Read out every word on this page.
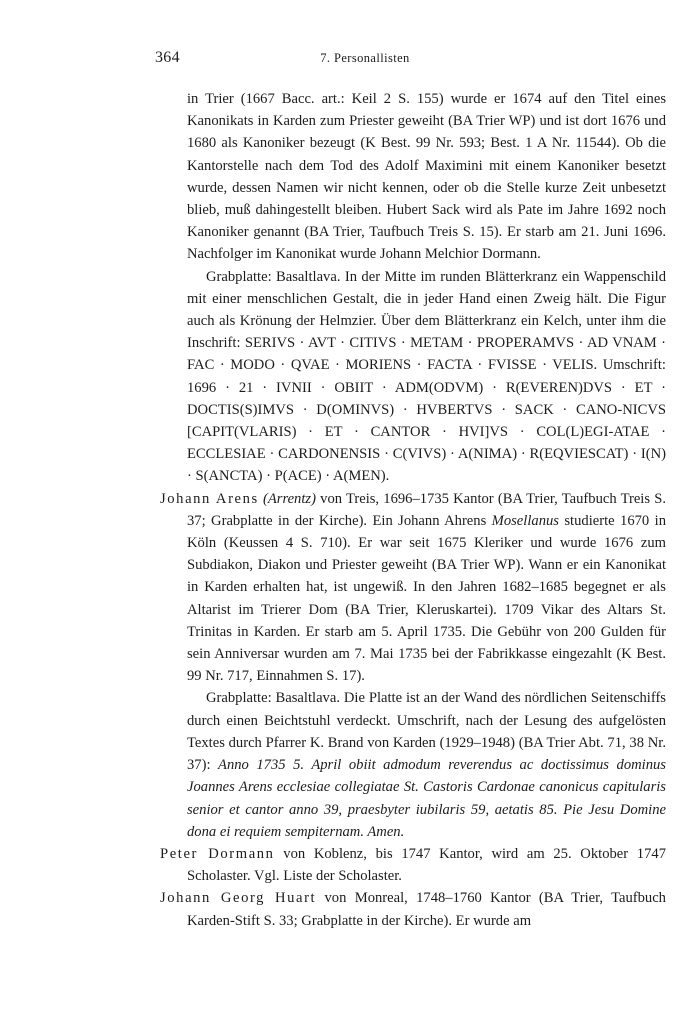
364	7. Personallisten

in Trier (1667 Bacc. art.: Keil 2 S. 155) wurde er 1674 auf den Titel eines Kanonikats in Karden zum Priester geweiht (BA Trier WP) und ist dort 1676 und 1680 als Kanoniker bezeugt (K Best. 99 Nr. 593; Best. 1 A Nr. 11544). Ob die Kantorstelle nach dem Tod des Adolf Maximini mit einem Kanoniker besetzt wurde, dessen Namen wir nicht kennen, oder ob die Stelle kurze Zeit unbesetzt blieb, muß dahingestellt bleiben. Hubert Sack wird als Pate im Jahre 1692 noch Kanoniker genannt (BA Trier, Taufbuch Treis S. 15). Er starb am 21. Juni 1696. Nachfolger im Kanonikat wurde Johann Melchior Dormann.

Grabplatte: Basaltlava. In der Mitte im runden Blätterkranz ein Wappenschild mit einer menschlichen Gestalt, die in jeder Hand einen Zweig hält. Die Figur auch als Krönung der Helmzier. Über dem Blätterkranz ein Kelch, unter ihm die Inschrift: SERIVS · AVT · CITIVS · METAM · PROPERAMVS · AD VNAM · FAC · MODO · QVAE · MORIENS · FACTA · FVISSE · VELIS. Umschrift: 1696 · 21 · IVNII · OBIIT · ADM(ODVM) · R(EVEREN)DVS · ET · DOCTIS(S)IMVS · D(OMINVS) · HVBERTVS · SACK · CANO-NICVS [CAPIT(VLARIS) · ET · CANTOR · HVI]VS · COL(L)EGI-ATAE · ECCLESIAE · CARDONENSIS · C(VIVS) · A(NIMA) · R(EQVIESCAT) · I(N) · S(ANCTA) · P(ACE) · A(MEN).

Johann Arens (Arrentz) von Treis, 1696–1735 Kantor (BA Trier, Taufbuch Treis S. 37; Grabplatte in der Kirche). Ein Johann Ahrens Mosellanus studierte 1670 in Köln (Keussen 4 S. 710). Er war seit 1675 Kleriker und wurde 1676 zum Subdiakon, Diakon und Priester geweiht (BA Trier WP). Wann er ein Kanonikat in Karden erhalten hat, ist ungewiß. In den Jahren 1682–1685 begegnet er als Altarist im Trierer Dom (BA Trier, Kleruskartei). 1709 Vikar des Altars St. Trinitas in Karden. Er starb am 5. April 1735. Die Gebühr von 200 Gulden für sein Anniversar wurden am 7. Mai 1735 bei der Fabrikkasse eingezahlt (K Best. 99 Nr. 717, Einnahmen S. 17).

Grabplatte: Basaltlava. Die Platte ist an der Wand des nördlichen Seitenschiffs durch einen Beichtstuhl verdeckt. Umschrift, nach der Lesung des aufgelösten Textes durch Pfarrer K. Brand von Karden (1929–1948) (BA Trier Abt. 71, 38 Nr. 37): Anno 1735 5. April obiit admodum reverendus ac doctissimus dominus Joannes Arens ecclesiae collegiatae St. Castoris Cardonae canonicus capitularis senior et cantor anno 39, praesbyter iubilaris 59, aetatis 85. Pie Jesu Domine dona ei requiem sempiternam. Amen.

Peter Dormann von Koblenz, bis 1747 Kantor, wird am 25. Oktober 1747 Scholaster. Vgl. Liste der Scholaster.

Johann Georg Huart von Monreal, 1748–1760 Kantor (BA Trier, Taufbuch Karden-Stift S. 33; Grabplatte in der Kirche). Er wurde am
